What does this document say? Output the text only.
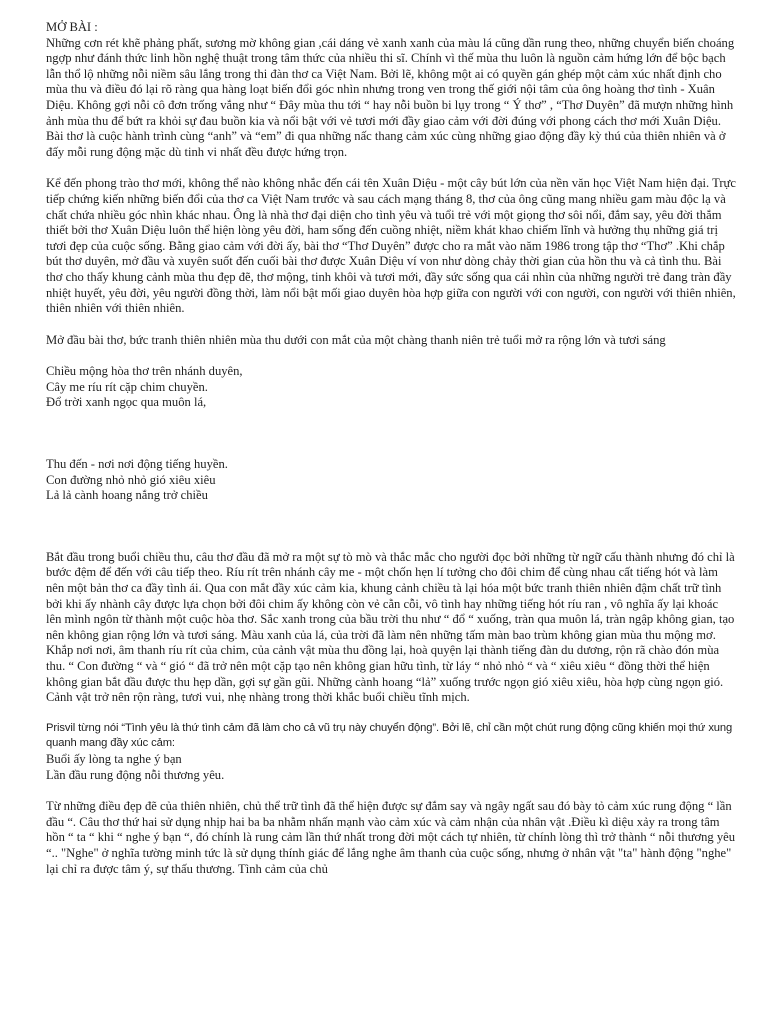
MỞ BÀI :

Những cơn rét khẽ phảng phất, sương mờ không gian ,cái dáng vẻ xanh xanh của màu lá cũng dần rung theo, những chuyển biến choáng ngợp như đánh thức linh hồn nghệ thuật trong tâm thức của nhiều thi sĩ. Chính vì thế mùa thu luôn là nguồn cảm hứng lớn để bộc bạch lẫn thổ lộ những nỗi niềm sâu lắng trong thi đàn thơ ca Việt Nam. Bởi lẽ, không một ai có quyền gán ghép một cảm xúc nhất định cho mùa thu và điều đó lại rõ ràng qua hàng loạt biến đổi góc nhìn nhưng trong ven trong thế giới nội tâm của ông hoàng thơ tình - Xuân Diệu. Không gợi nỗi cô đơn trống vắng như “ Đây mùa thu tới “ hay nỗi buồn bi lụy trong “ Ý thơ” , “Thơ Duyên” đã mượn những hình ảnh mùa thu để bứt ra khỏi sự đau buồn kia và nổi bật với vẻ tươi mới đầy giao cảm với đời đúng với phong cách thơ mới Xuân Diệu. Bài thơ là cuộc hành trình cùng “anh” và “em” đi qua những nấc thang cảm xúc cùng những giao động đầy kỳ thú của thiên nhiên và ở đấy mỗi rung động mặc dù tinh vi nhất đều được hứng trọn.

Kể đến phong trào thơ mới, không thể nào không nhắc đến cái tên Xuân Diệu - một cây bút lớn của nền văn học Việt Nam hiện đại. Trực tiếp chứng kiến những biến đổi của thơ ca Việt Nam trước và sau cách mạng tháng 8, thơ của ông cũng mang nhiều gam màu độc lạ và chất chứa nhiều góc nhìn khác nhau. Ông là nhà thơ đại diện cho tình yêu và tuổi trẻ với một giọng thơ sôi nổi, đắm say, yêu đời thắm thiết bởi thơ Xuân Diệu luôn thể hiện lòng yêu đời, ham sống đến cuồng nhiệt, niềm khát khao chiếm lĩnh và hưởng thụ những giá trị tươi đẹp của cuộc sống. Bằng giao cảm với đời ấy, bài thơ “Thơ Duyên” được cho ra mắt vào năm 1986 trong tập thơ “Thơ” .Khi chắp bút thơ duyên, mở đầu và xuyên suốt đến cuối bài thơ được Xuân Diệu ví von như dòng chảy thời gian của hồn thu và cả tình thu. Bài thơ cho thấy khung cảnh mùa thu đẹp đẽ, thơ mộng, tinh khôi và tươi mới, đầy sức sống qua cái nhìn của những người trẻ đang tràn đầy nhiệt huyết, yêu đời, yêu người đồng thời, làm nổi bật mối giao duyên hòa hợp giữa con người với con người, con người với thiên nhiên, thiên nhiên với thiên nhiên.

Mở đầu bài thơ, bức tranh thiên nhiên mùa thu dưới con mắt của một chàng thanh niên trẻ tuổi mở ra rộng lớn và tươi sáng

Chiều mộng hòa thơ trên nhánh duyên,

Cây me ríu rít cặp chim chuyền.

Đổ trời xanh ngọc qua muôn lá,

Thu đến - nơi nơi động tiếng huyền.

Con đường nhỏ nhỏ gió xiêu xiêu

Lả lả cành hoang nắng trở chiều

Bắt đầu trong buổi chiều thu, câu thơ đầu đã mở ra một sự tò mò và thắc mắc cho người đọc bởi những từ ngữ cấu thành nhưng đó chỉ là bước đệm để đến với câu tiếp theo. Ríu rít trên nhánh cây me - một chốn hẹn lí tưởng cho đôi chim để cùng nhau cất tiếng hót và làm nên một bản thơ ca đầy tình ái. Qua con mắt đầy xúc cảm kia, khung cảnh chiều tà lại hóa một bức tranh thiên nhiên đậm chất trữ tình bởi khi ấy nhành cây được lựa chọn bởi đôi chim ấy không còn vẻ cằn cỗi, vô tình hay những tiếng hót ríu ran , vô nghĩa ấy lại khoác lên mình ngôn từ thành một cuộc hòa thơ. Sắc xanh trong của bầu trời thu như “ đổ “ xuống, tràn qua muôn lá, tràn ngập không gian, tạo nên không gian rộng lớn và tươi sáng. Màu xanh của lá, của trời đã làm nên những tấm màn bao trùm không gian mùa thu mộng mơ. Khắp nơi nơi, âm thanh ríu rít của chim, của cảnh vật mùa thu đồng lại, hoà quyện lại thành tiếng đàn du dương, rộn rã chào đón mùa thu. “ Con đường “ và “ gió “ đã trở nên một cặp tạo nên không gian hữu tình, từ láy “ nhỏ nhỏ “ và “ xiêu xiêu “ đồng thời thể hiện không gian bắt đầu được thu hẹp dần, gợi sự gần gũi. Những cành hoang “lả” xuống trước ngọn gió xiêu xiêu, hòa hợp cùng ngọn gió. Cảnh vật trở nên rộn ràng, tươi vui, nhẹ nhàng trong thời khắc buổi chiều tĩnh mịch.

Prisvil từng nói “Tình yêu là thứ tình cảm đã làm cho cả vũ trụ này chuyển động”. Bởi lẽ, chỉ cần một chút rung động cũng khiến mọi thứ xung quanh mang đầy xúc cảm:

Buổi ấy lòng ta nghe ý bạn

Lần đầu rung động nỗi thương yêu.

Từ những điều đẹp đẽ của thiên nhiên, chủ thể trữ tình đã thể hiện được sự đắm say và ngây ngất sau đó bày tỏ cảm xúc rung động “ lần đầu “. Câu thơ thứ hai sử dụng nhịp hai ba ba nhằm nhấn mạnh vào cảm xúc và cảm nhận của nhân vật .Điều kì diệu xảy ra trong tâm hồn “ ta “ khi “ nghe ý bạn “, đó chính là rung cảm lần thứ nhất trong đời một cách tự nhiên, từ chính lòng thì trở thành “ nỗi thương yêu “.. "Nghe" ở nghĩa tường minh tức là sử dụng thính giác để lắng nghe âm thanh của cuộc sống, nhưng ở nhân vật "ta" hành động "nghe" lại chỉ ra được tâm ý, sự thấu thương. Tình cảm của chủ
